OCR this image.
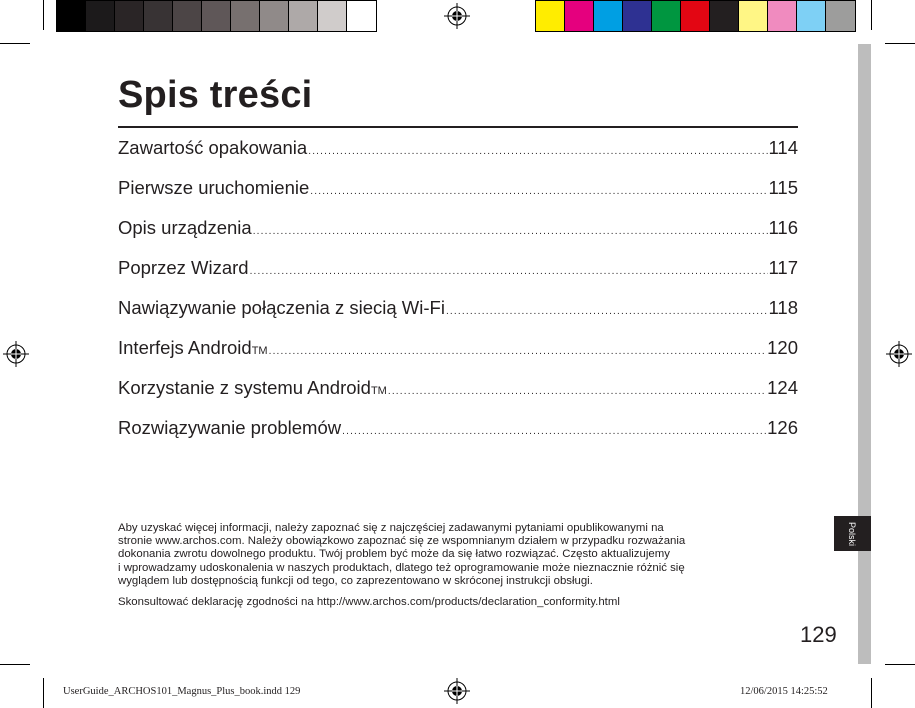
Polski
Spis treści
Zawartość opakowania .....	114
Pierwsze uruchomienie .....	115
Opis urządzenia .....	116
Poprzez Wizard .....	117
Nawiązywanie połączenia z siecią Wi-Fi .....	118
Interfejs Android TM .....	120
Korzystanie z systemu Android TM .....	124
Rozwiązywanie problemów .....	126

Aby uzyskać więcej informacji, należy zapoznać się z najczęściej zadawanymi pytaniami opublikowanymi na
stronie www.archos.com. Należy obowiązkowo zapoznać się ze wspomnianym działem w przypadku rozważania
dokonania zwrotu dowolnego produktu. Twój problem być może da się łatwo rozwiązać. Często aktualizujemy
i wprowadzamy udoskonalenia w naszych produktach, dlatego też oprogramowanie może nieznacznie różnić się
wyglądem lub dostępnością funkcji od tego, co zaprezentowano w skróconej instrukcji obsługi.

Skonsultować deklarację zgodności na http://www.archos.com/products/declaration_conformity.html

129
UserGuide_ARCHOS101_Magnus_Plus_book.indd 129	12/06/2015 14:25:52
